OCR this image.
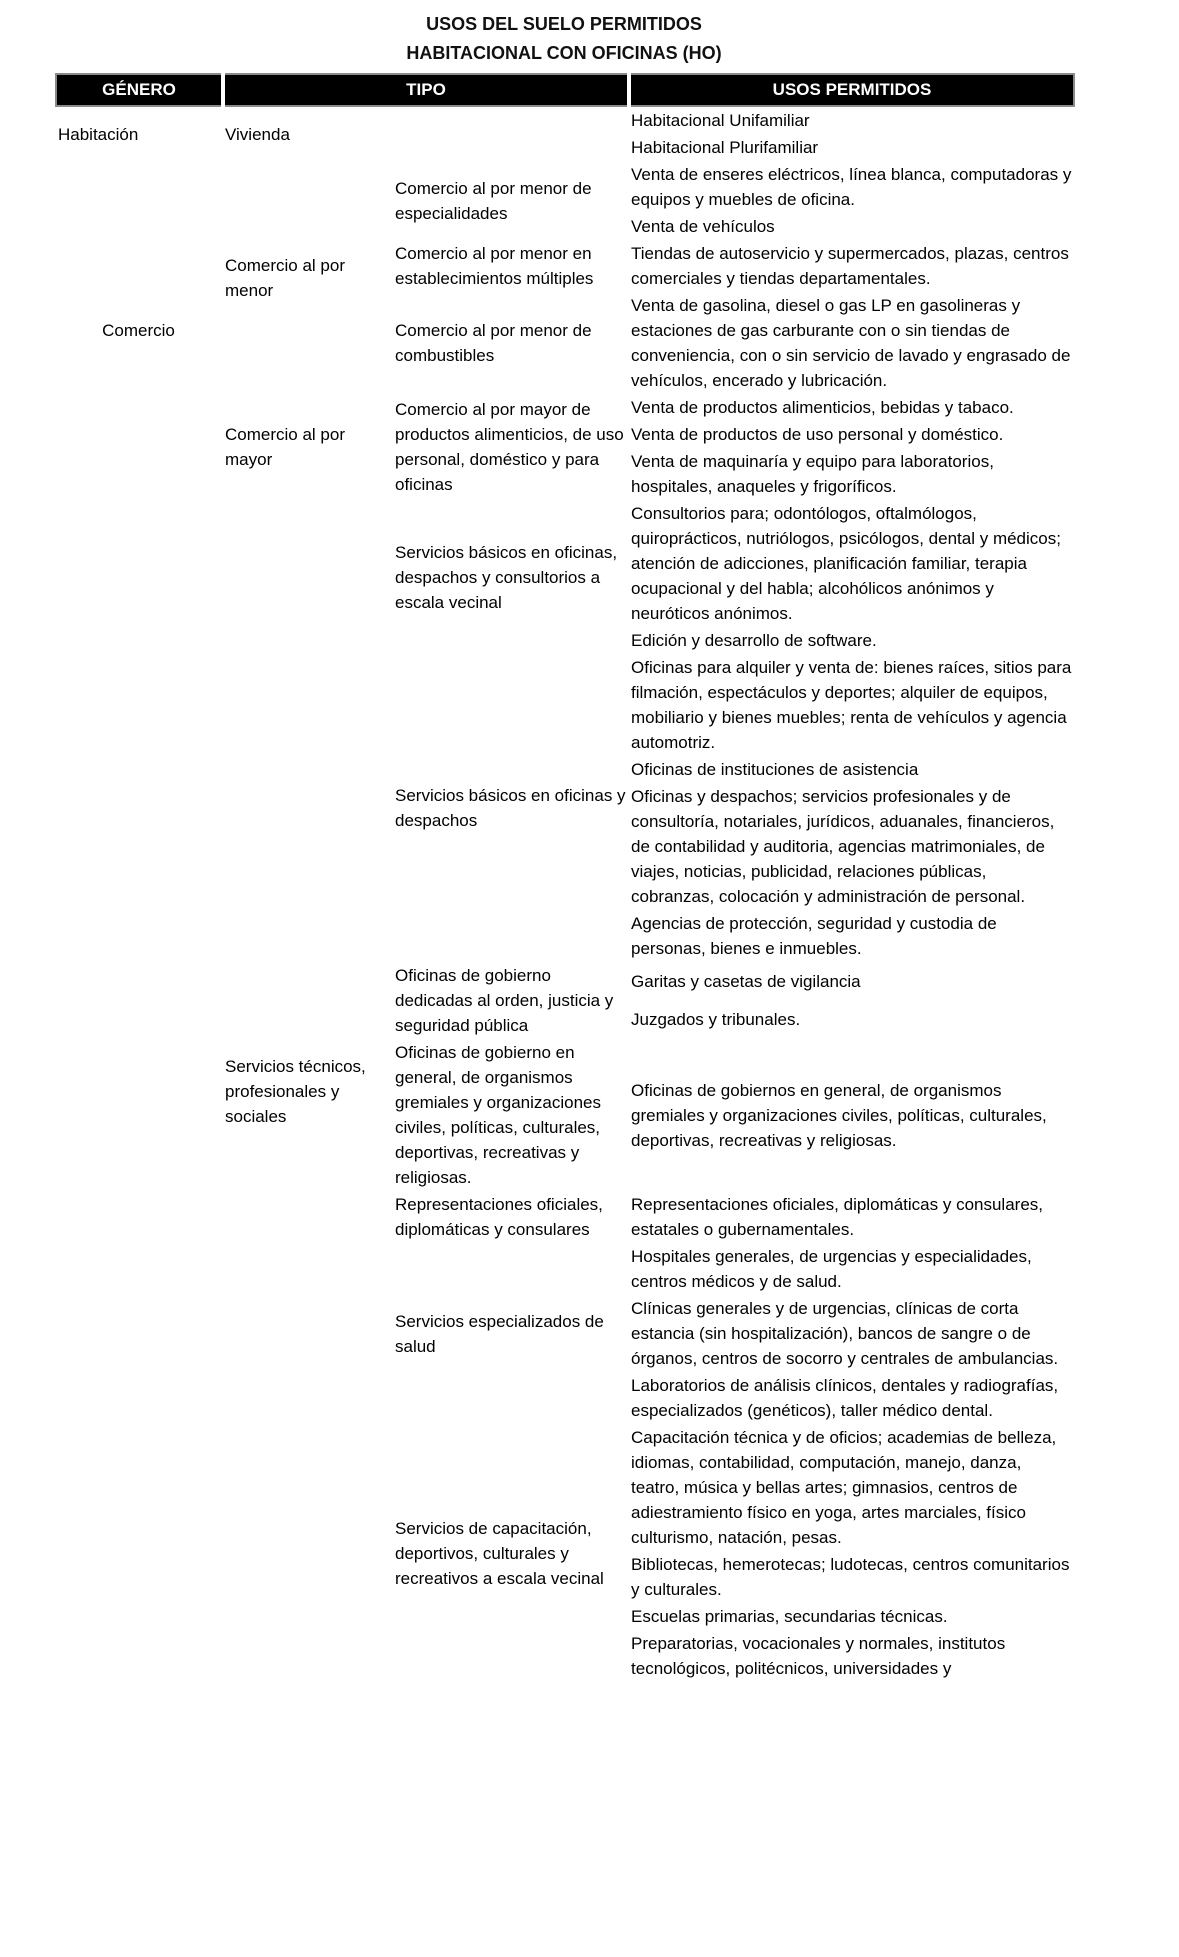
USOS DEL SUELO PERMITIDOS
HABITACIONAL CON OFICINAS (HO)
GÉNERO	TIPO		USOS PERMITIDOS
Habitación	Vivienda		Habitacional Unifamiliar
			Habitacional Plurifamiliar
Comercio	Comercio al por menor	Comercio al por menor de especialidades	Venta de enseres eléctricos, línea blanca, computadoras y equipos y muebles de oficina.
			Venta de vehículos
		Comercio al por menor en establecimientos múltiples	Tiendas de autoservicio y supermercados, plazas, centros comerciales y tiendas departamentales.
		Comercio al por menor de combustibles	Venta de gasolina, diesel o gas LP en gasolineras y estaciones de gas carburante con o sin tiendas de conveniencia, con o sin servicio de lavado y engrasado de vehículos, encerado y lubricación.
	Comercio al por mayor	Comercio al por mayor de productos alimenticios, de uso personal, doméstico y para oficinas	Venta de productos alimenticios, bebidas y tabaco.
			Venta de productos de uso personal y doméstico.
			Venta de maquinaría y equipo para laboratorios, hospitales, anaqueles y frigoríficos.
	Servicios técnicos, profesionales y sociales	Servicios básicos en oficinas, despachos y consultorios a escala vecinal	Consultorios para; odontólogos, oftalmólogos, quiroprácticos, nutriólogos, psicólogos, dental y médicos; atención de adicciones, planificación familiar, terapia ocupacional y del habla; alcohólicos anónimos y neuróticos anónimos.
			Edición y desarrollo de software.
		Servicios básicos en oficinas y despachos	Oficinas para alquiler y venta de: bienes raíces, sitios para filmación, espectáculos y deportes; alquiler de equipos, mobiliario y bienes muebles; renta de vehículos y agencia automotriz.
			Oficinas de instituciones de asistencia
			Oficinas y despachos; servicios profesionales y de consultoría, notariales, jurídicos, aduanales, financieros, de contabilidad y auditoria, agencias matrimoniales, de viajes, noticias, publicidad, relaciones públicas, cobranzas, colocación y administración de personal.
			Agencias de protección, seguridad y custodia de personas, bienes e inmuebles.
		Oficinas de gobierno dedicadas al orden, justicia y seguridad pública	Garitas y casetas de vigilancia
			Juzgados y tribunales.
		Oficinas de gobierno en general, de organismos gremiales y organizaciones civiles, políticas, culturales, deportivas, recreativas y religiosas.	Oficinas de gobiernos en general, de organismos gremiales y organizaciones civiles, políticas, culturales, deportivas, recreativas y religiosas.
		Representaciones oficiales, diplomáticas y consulares	Representaciones oficiales, diplomáticas y consulares, estatales o gubernamentales.
		Servicios especializados de salud	Hospitales generales, de urgencias y especialidades, centros médicos y de salud.
			Clínicas generales y de urgencias, clínicas de corta estancia (sin hospitalización), bancos de sangre o de órganos, centros de socorro y centrales de ambulancias.
			Laboratorios de análisis clínicos, dentales y radiografías, especializados (genéticos), taller médico dental.
		Servicios de capacitación, deportivos, culturales y recreativos a escala vecinal	Capacitación técnica y de oficios; academias de belleza, idiomas, contabilidad, computación, manejo, danza, teatro, música y bellas artes; gimnasios, centros de adiestramiento físico en yoga, artes marciales, físico culturismo, natación, pesas.
			Bibliotecas, hemerotecas; ludotecas, centros comunitarios y culturales.
			Escuelas primarias, secundarias técnicas.
			Preparatorias, vocacionales y normales, institutos tecnológicos, politécnicos, universidades y
